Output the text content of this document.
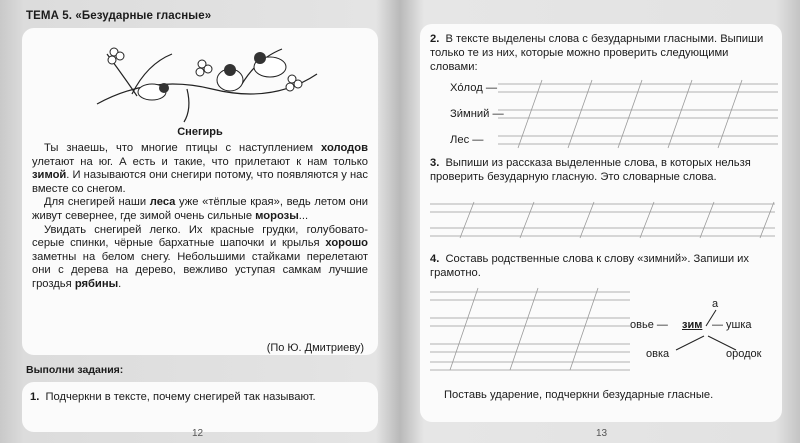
ТЕМА 5. «Безударные гласные»
Снегирь

Ты знаешь, что многие птицы с наступлением холодов улетают на юг. А есть и такие, что прилетают к нам только зимой. И называются они снегири потому, что появляются у нас вместе со снегом.

Для снегирей наши леса уже «тёплые края», ведь летом они живут севернее, где зимой очень сильные морозы...

Увидать снегирей легко. Их красные грудки, голубовато-серые спинки, чёрные бархатные шапочки и крылья хорошо заметны на белом снегу. Небольшими стайками перелетают они с дерева на дерево, вежливо уступая самкам лучшие гроздья рябины.

(По Ю. Дмитриеву)
Выполни задания:
1. Подчеркни в тексте, почему снегирей так называют.
12
2. В тексте выделены слова с безударными гласными. Выпиши только те из них, которые можно проверить следующими словами:
Хо́лод —
Зи́мний —
Лес —
3. Выпиши из рассказа выделенные слова, в которых нельзя проверить безударную гласную. Это словарные слова.
4. Составь родственные слова к слову «зимний». Запиши их грамотно.
а
овье — зим — ушка
овка	ородок
Поставь ударение, подчеркни безударные гласные.
13
